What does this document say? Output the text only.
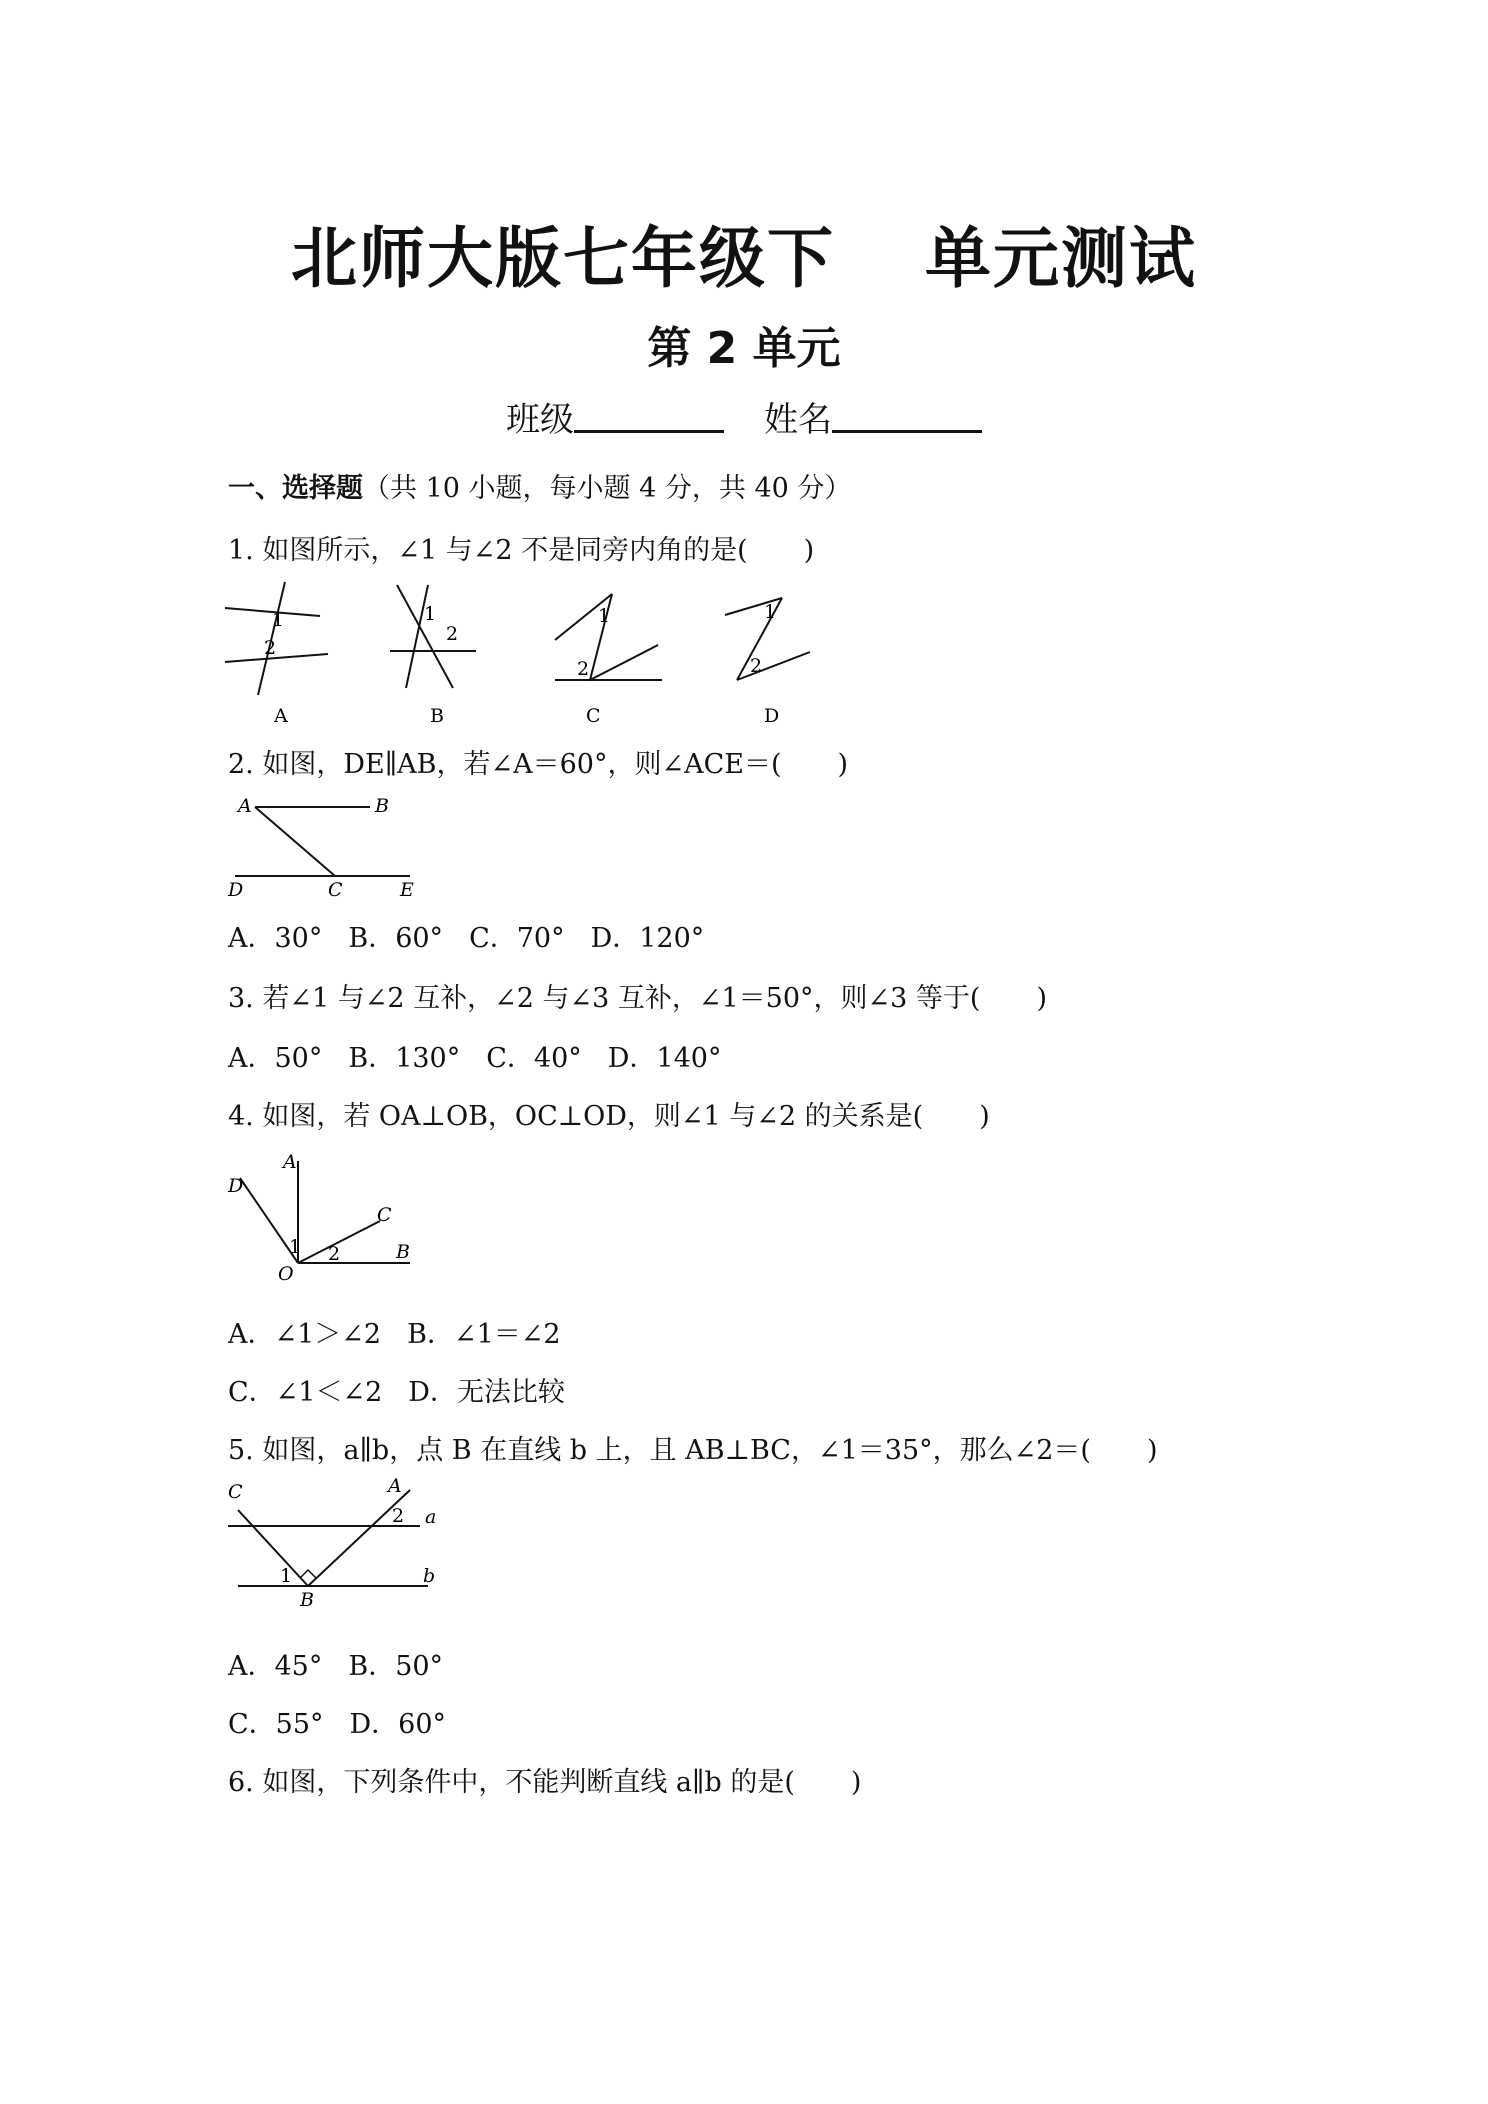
北师大版七年级下 单元测试
第 2 单元
班级	姓名
一、选择题（共 10 小题，每小题 4 分，共 40 分）
1. 如图所示，∠1 与∠2 不是同旁内角的是( )
1
2
A
1
2
B
1
2
C
1
2
D
2. 如图，DE∥AB，若∠A＝60°，则∠ACE＝( )
A	B
D	C	E
A．30° B．60° C．70° D．120°
3. 若∠1 与∠2 互补，∠2 与∠3 互补，∠1＝50°，则∠3 等于( )
A．50° B．130° C．40° D．140°
4. 如图，若 OA⊥OB，OC⊥OD，则∠1 与∠2 的关系是( )
D
A
C
B
O
1 2
A．∠1＞∠2 B．∠1＝∠2
C．∠1＜∠2 D．无法比较
5. 如图，a∥b，点 B 在直线 b 上，且 AB⊥BC，∠1＝35°，那么∠2＝( )
C	A
a
b
B
1
2
A．45° B．50°
C．55° D．60°
6. 如图，下列条件中，不能判断直线 a∥b 的是( )
